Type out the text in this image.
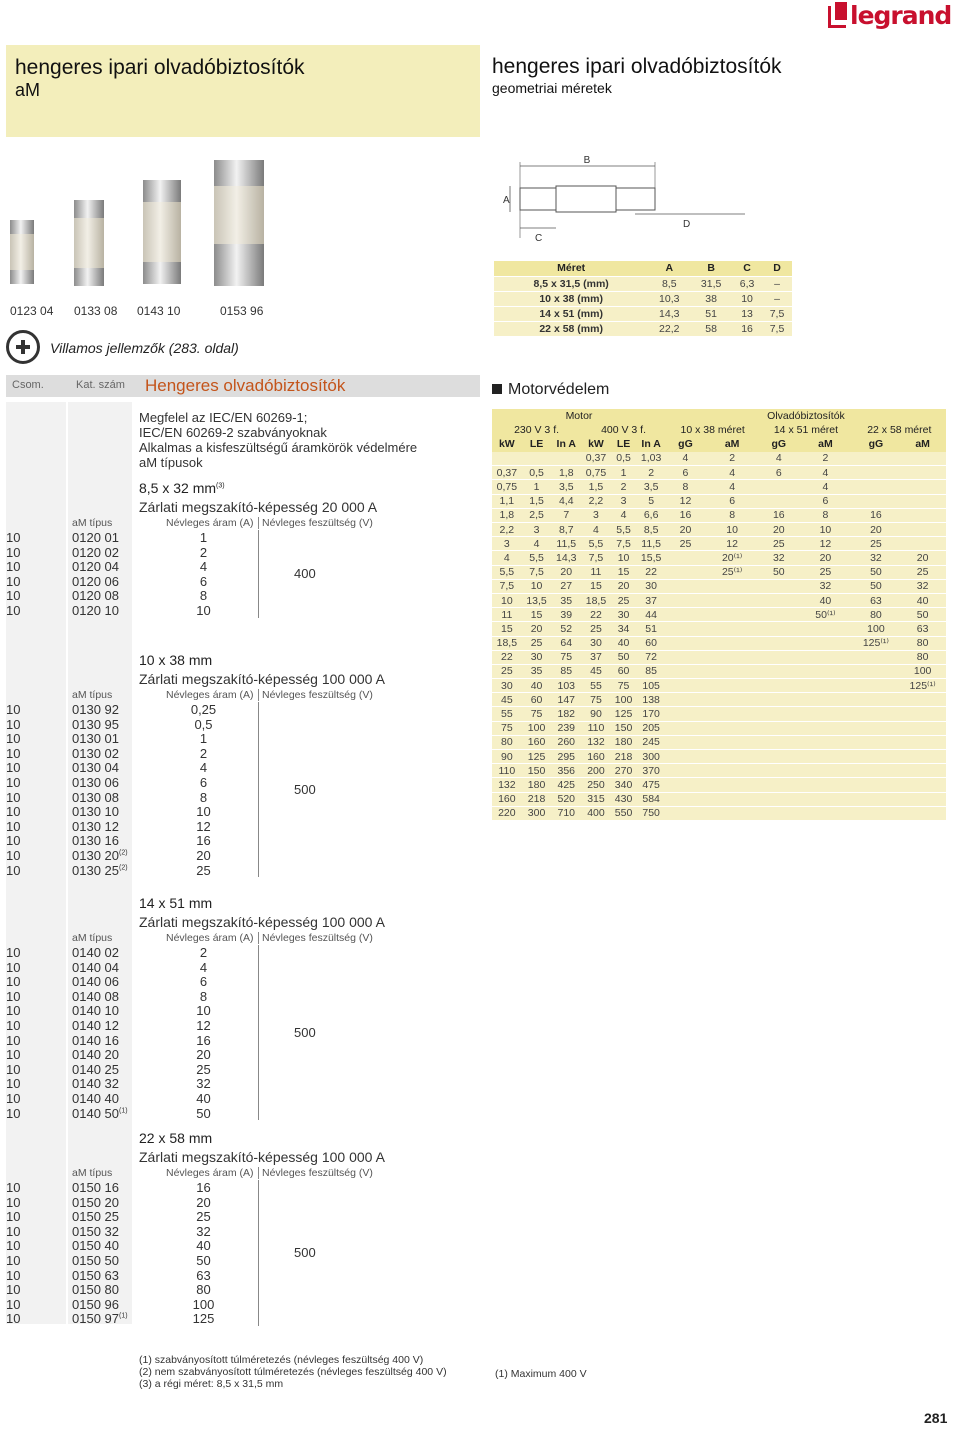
legrand
hengeres ipari olvadóbiztosítók
aM
hengeres ipari olvadóbiztosítók
geometriai méretek
0123 04 0133 08 0143 10	0153 96
Villamos jellemzők (283. oldal)
B
A
C
D
Méret	A	B	C	D
8,5 x 31,5 (mm)	8,5	31,5	6,3	–
10 x 38 (mm)	10,3	38	10	–
14 x 51 (mm)	14,3	51	13	7,5
22 x 58 (mm)	22,2	58	16	7,5
Csom.	Kat. szám Hengeres olvadóbiztosítók	Motorvédelem
Megfelel az IEC/EN 60269-1;
IEC/EN 60269-2 szabványoknak
Alkalmas a kisfeszültségű áramkörök védelmére
aM típusok
8,5 x 32 $mm^{(3)}$
Zárlati megszakító-képesség 20 000 A
aM típus	Névleges áram (A) Névleges feszültség (V)
10	0120 01	1
10	0120 02	2
10	0120 04	4
10	0120 06	6
10	0120 08	8
10	0120 10	10
400
10 x 38 mm
Zárlati megszakító-képesség 100 000 A
aM típus	Névleges áram (A) Névleges feszültség (V)
10	0130 92	0,25
10	0130 95	0,5
10	0130 01	1
10	0130 02	2
10	0130 04	4
10	0130 06	6
10	0130 08	8
10	0130 10	10
10	0130 12	12
10	0130 16	16
10	0130 20$^{(2)}$	20
10	0130 25$^{(2)}$	25
500
14 x 51 mm
Zárlati megszakító-képesség 100 000 A
aM típus	Névleges áram (A) Névleges feszültség (V)
10	0140 02	2
10	0140 04	4
10	0140 06	6
10	0140 08	8
10	0140 10	10
10	0140 12	12
10	0140 16	16
10	0140 20	20
10	0140 25	25
10	0140 32	32
10	0140 40	40
10	0140 50$^{(1)}$	50
500
22 x 58 mm
Zárlati megszakító-képesség 100 000 A
aM típus	Névleges áram (A) Névleges feszültség (V)
10	0150 16	16
10	0150 20	20
10	0150 25	25
10	0150 32	32
10	0150 40	40
10	0150 50	50
10	0150 63	63
10	0150 80	80
10	0150 96	100
10	0150 97$^{(1)}$	125
500
Motor						Olvadóbiztosítók					
230 V 3 f.			400 V 3 f.			10 x 38 méret		14 x 51 méret		22 x 58 méret	
kW	LE	In A	kW	LE	In A	gG	aM	gG	aM	gG	aM
			0,37	0,5	1,03	4	2	4	2		
0,37	0,5	1,8	0,75	1	2	6	4	6	4		
0,75	1	3,5	1,5	2	3,5	8	4		4		
1,1	1,5	4,4	2,2	3	5	12	6		6		
1,8	2,5	7	3	4	6,6	16	8	16	8	16	
2,2	3	8,7	4	5,5	8,5	20	10	20	10	20	
3	4	11,5	5,5	7,5	11,5	25	12	25	12	25	
4	5,5	14,3	7,5	10	15,5		20⁽¹⁾	32	20	32	20
5,5	7,5	20	11	15	22		25⁽¹⁾	50	25	50	25
7,5	10	27	15	20	30				32	50	32
10	13,5	35	18,5	25	37				40	63	40
11	15	39	22	30	44				50⁽¹⁾	80	50
15	20	52	25	34	51					100	63
18,5	25	64	30	40	60					125⁽¹⁾	80
22	30	75	37	50	72						80
25	35	85	45	60	85						100
30	40	103	55	75	105						125⁽¹⁾
45	60	147	75	100	138						
55	75	182	90	125	170						
75	100	239	110	150	205						
80	160	260	132	180	245						
90	125	295	160	218	300						
110	150	356	200	270	370						
132	180	425	250	340	475						
160	218	520	315	430	584						
220	300	710	400	550	750						
(1) szabványosított túlméretezés (névleges feszültség 400 V)
(2) nem szabványosított túlméretezés (névleges feszültség 400 V)
(3) a régi méret: 8,5 x 31,5 mm
(1) Maximum 400 V
281
